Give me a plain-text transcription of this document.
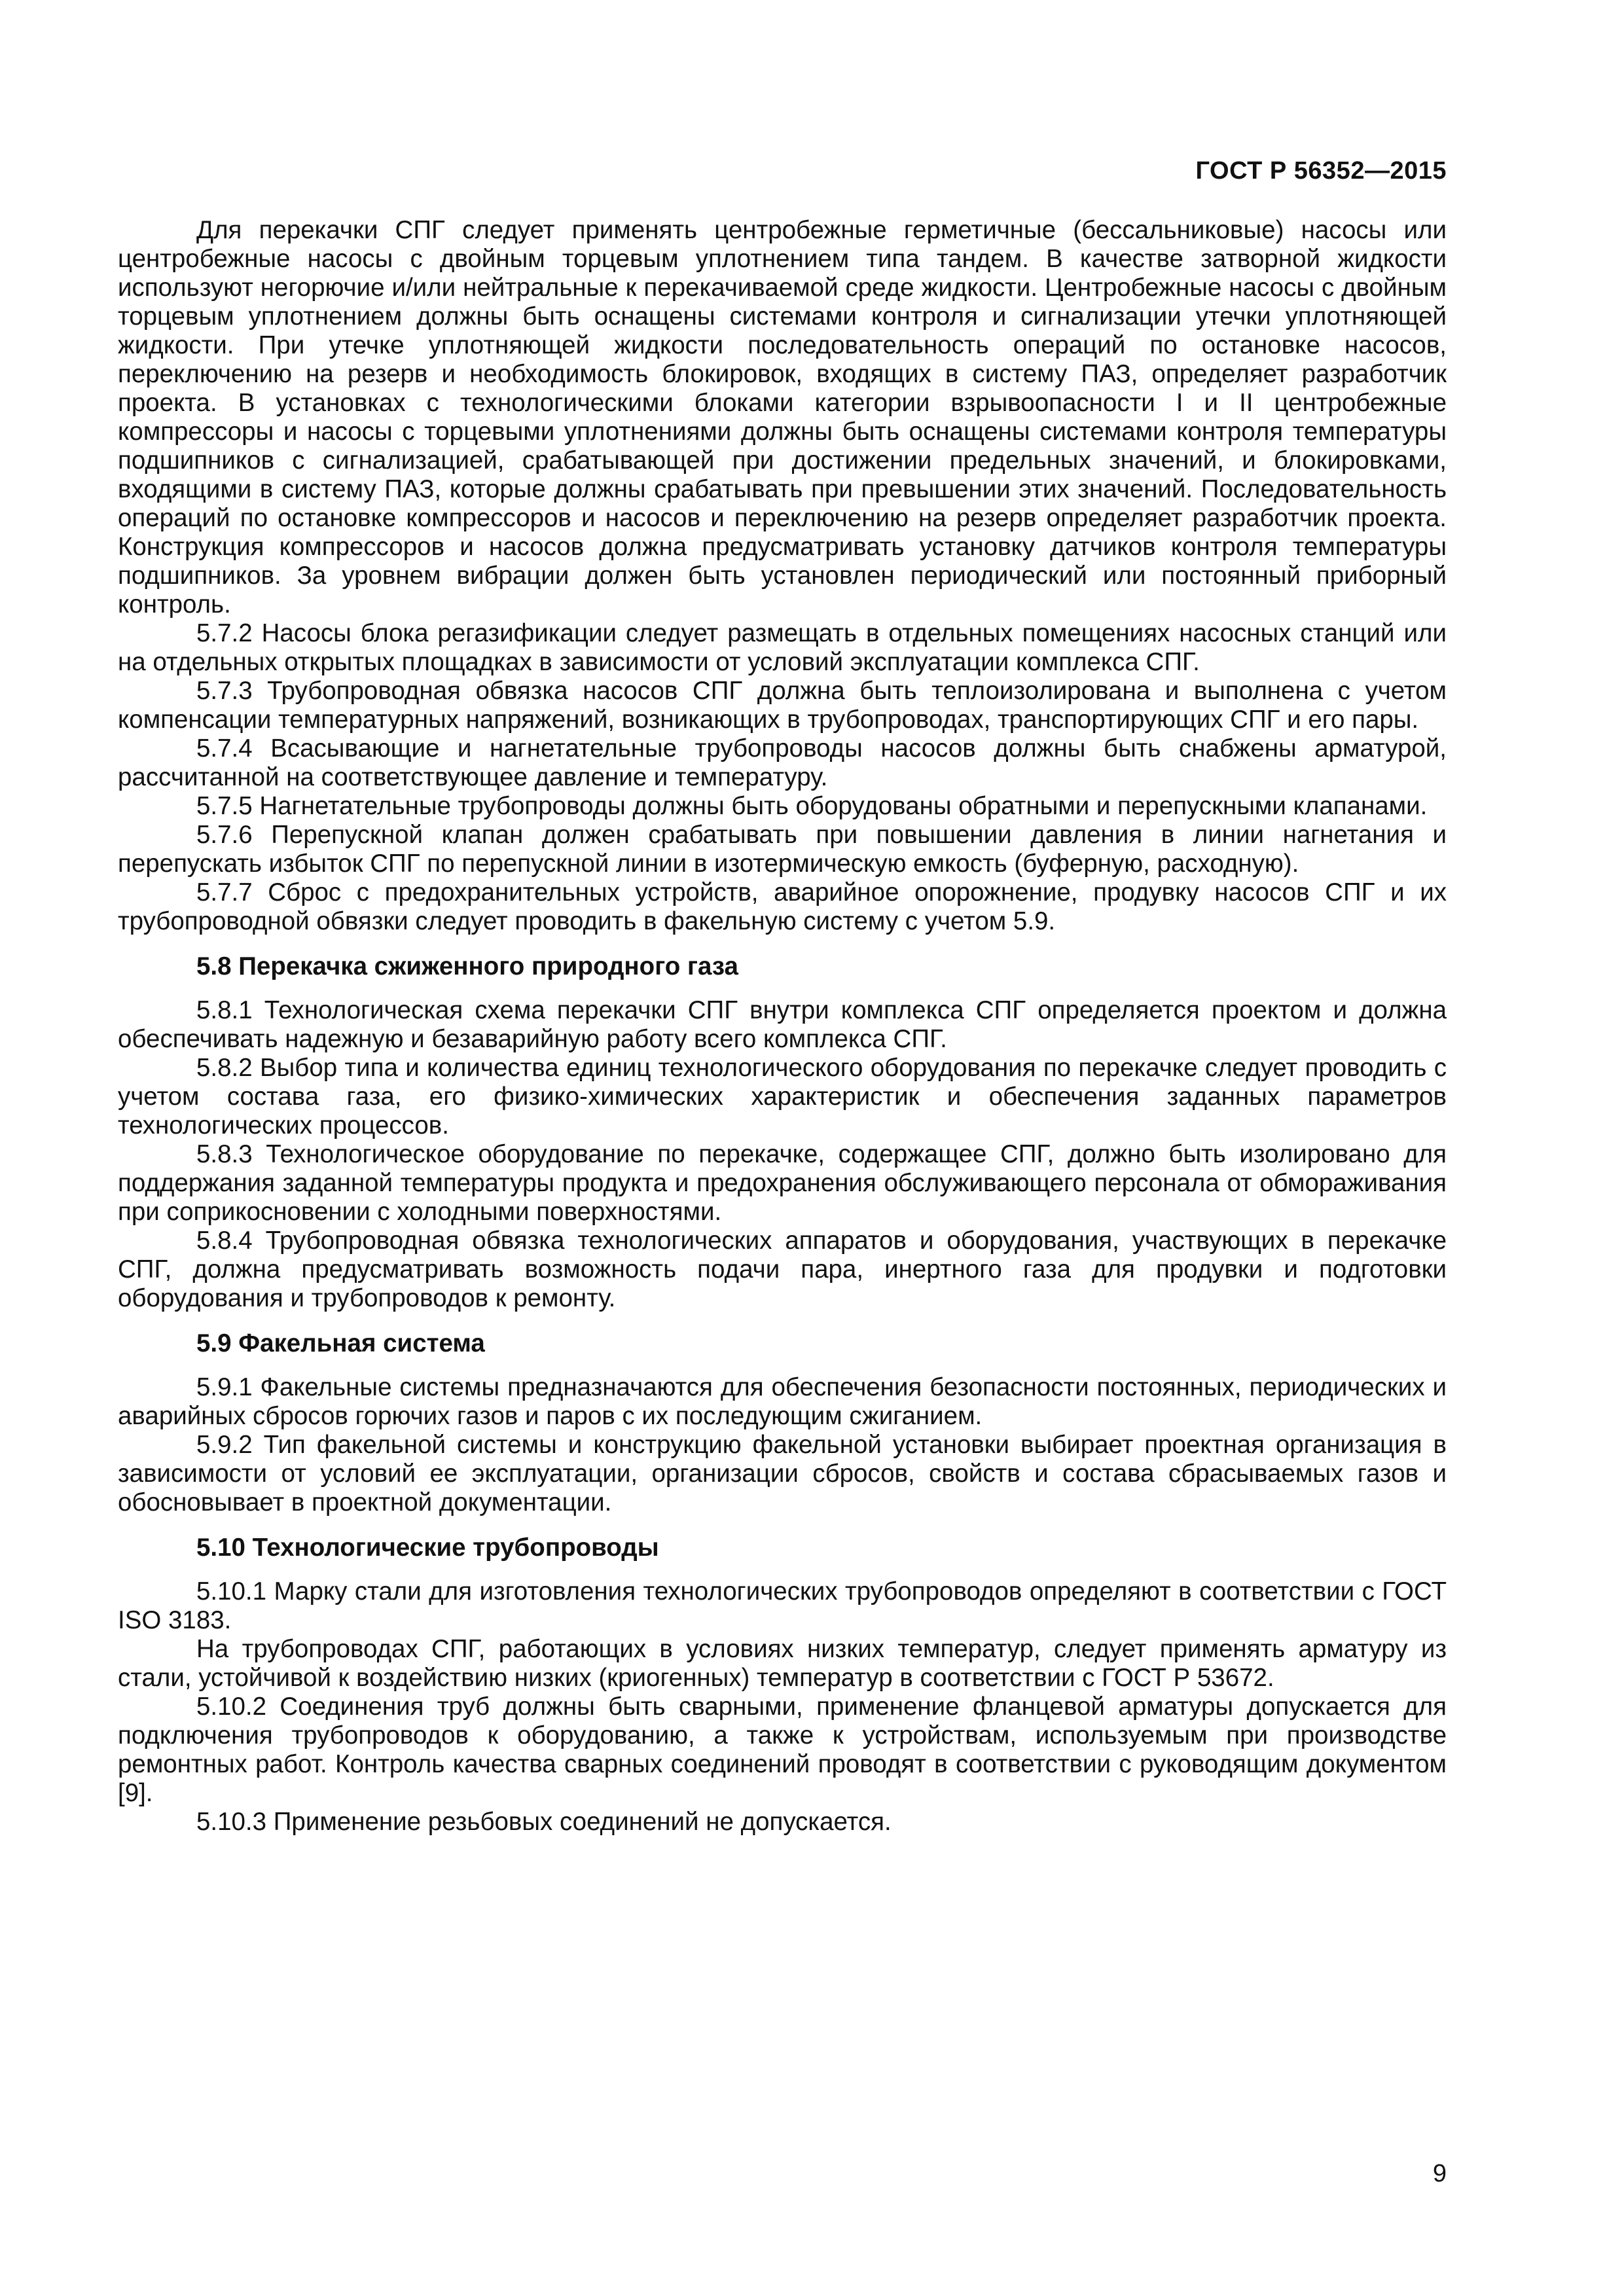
ГОСТ Р 56352—2015

Для перекачки СПГ следует применять центробежные герметичные (бессальниковые) насосы или центробежные насосы с двойным торцевым уплотнением типа тандем. В качестве затворной жидкости используют негорючие и/или нейтральные к перекачиваемой среде жидкости. Центробежные насосы с двойным торцевым уплотнением должны быть оснащены системами контроля и сигнализации утечки уплотняющей жидкости. При утечке уплотняющей жидкости последовательность операций по остановке насосов, переключению на резерв и необходимость блокировок, входящих в систему ПАЗ, определяет разработчик проекта. В установках с технологическими блоками категории взрывоопасности I и II центробежные компрессоры и насосы с торцевыми уплотнениями должны быть оснащены системами контроля температуры подшипников с сигнализацией, срабатывающей при достижении предельных значений, и блокировками, входящими в систему ПАЗ, которые должны срабатывать при превышении этих значений. Последовательность операций по остановке компрессоров и насосов и переключению на резерв определяет разработчик проекта. Конструкция компрессоров и насосов должна предусматривать установку датчиков контроля температуры подшипников. За уровнем вибрации должен быть установлен периодический или постоянный приборный контроль.

5.7.2 Насосы блока регазификации следует размещать в отдельных помещениях насосных станций или на отдельных открытых площадках в зависимости от условий эксплуатации комплекса СПГ.

5.7.3 Трубопроводная обвязка насосов СПГ должна быть теплоизолирована и выполнена с учетом компенсации температурных напряжений, возникающих в трубопроводах, транспортирующих СПГ и его пары.

5.7.4 Всасывающие и нагнетательные трубопроводы насосов должны быть снабжены арматурой, рассчитанной на соответствующее давление и температуру.

5.7.5 Нагнетательные трубопроводы должны быть оборудованы обратными и перепускными клапанами.

5.7.6 Перепускной клапан должен срабатывать при повышении давления в линии нагнетания и перепускать избыток СПГ по перепускной линии в изотермическую емкость (буферную, расходную).

5.7.7 Сброс с предохранительных устройств, аварийное опорожнение, продувку насосов СПГ и их трубопроводной обвязки следует проводить в факельную систему с учетом 5.9.

5.8 Перекачка сжиженного природного газа

5.8.1 Технологическая схема перекачки СПГ внутри комплекса СПГ определяется проектом и должна обеспечивать надежную и безаварийную работу всего комплекса СПГ.

5.8.2 Выбор типа и количества единиц технологического оборудования по перекачке следует проводить с учетом состава газа, его физико-химических характеристик и обеспечения заданных параметров технологических процессов.

5.8.3 Технологическое оборудование по перекачке, содержащее СПГ, должно быть изолировано для поддержания заданной температуры продукта и предохранения обслуживающего персонала от обмораживания при соприкосновении с холодными поверхностями.

5.8.4 Трубопроводная обвязка технологических аппаратов и оборудования, участвующих в перекачке СПГ, должна предусматривать возможность подачи пара, инертного газа для продувки и подготовки оборудования и трубопроводов к ремонту.

5.9 Факельная система

5.9.1 Факельные системы предназначаются для обеспечения безопасности постоянных, периодических и аварийных сбросов горючих газов и паров с их последующим сжиганием.

5.9.2 Тип факельной системы и конструкцию факельной установки выбирает проектная организация в зависимости от условий ее эксплуатации, организации сбросов, свойств и состава сбрасываемых газов и обосновывает в проектной документации.

5.10 Технологические трубопроводы

5.10.1 Марку стали для изготовления технологических трубопроводов определяют в соответствии с ГОСТ ISO 3183.

На трубопроводах СПГ, работающих в условиях низких температур, следует применять арматуру из стали, устойчивой к воздействию низких (криогенных) температур в соответствии с ГОСТ Р 53672.

5.10.2 Соединения труб должны быть сварными, применение фланцевой арматуры допускается для подключения трубопроводов к оборудованию, а также к устройствам, используемым при производстве ремонтных работ. Контроль качества сварных соединений проводят в соответствии с руководящим документом [9].

5.10.3 Применение резьбовых соединений не допускается.

9
